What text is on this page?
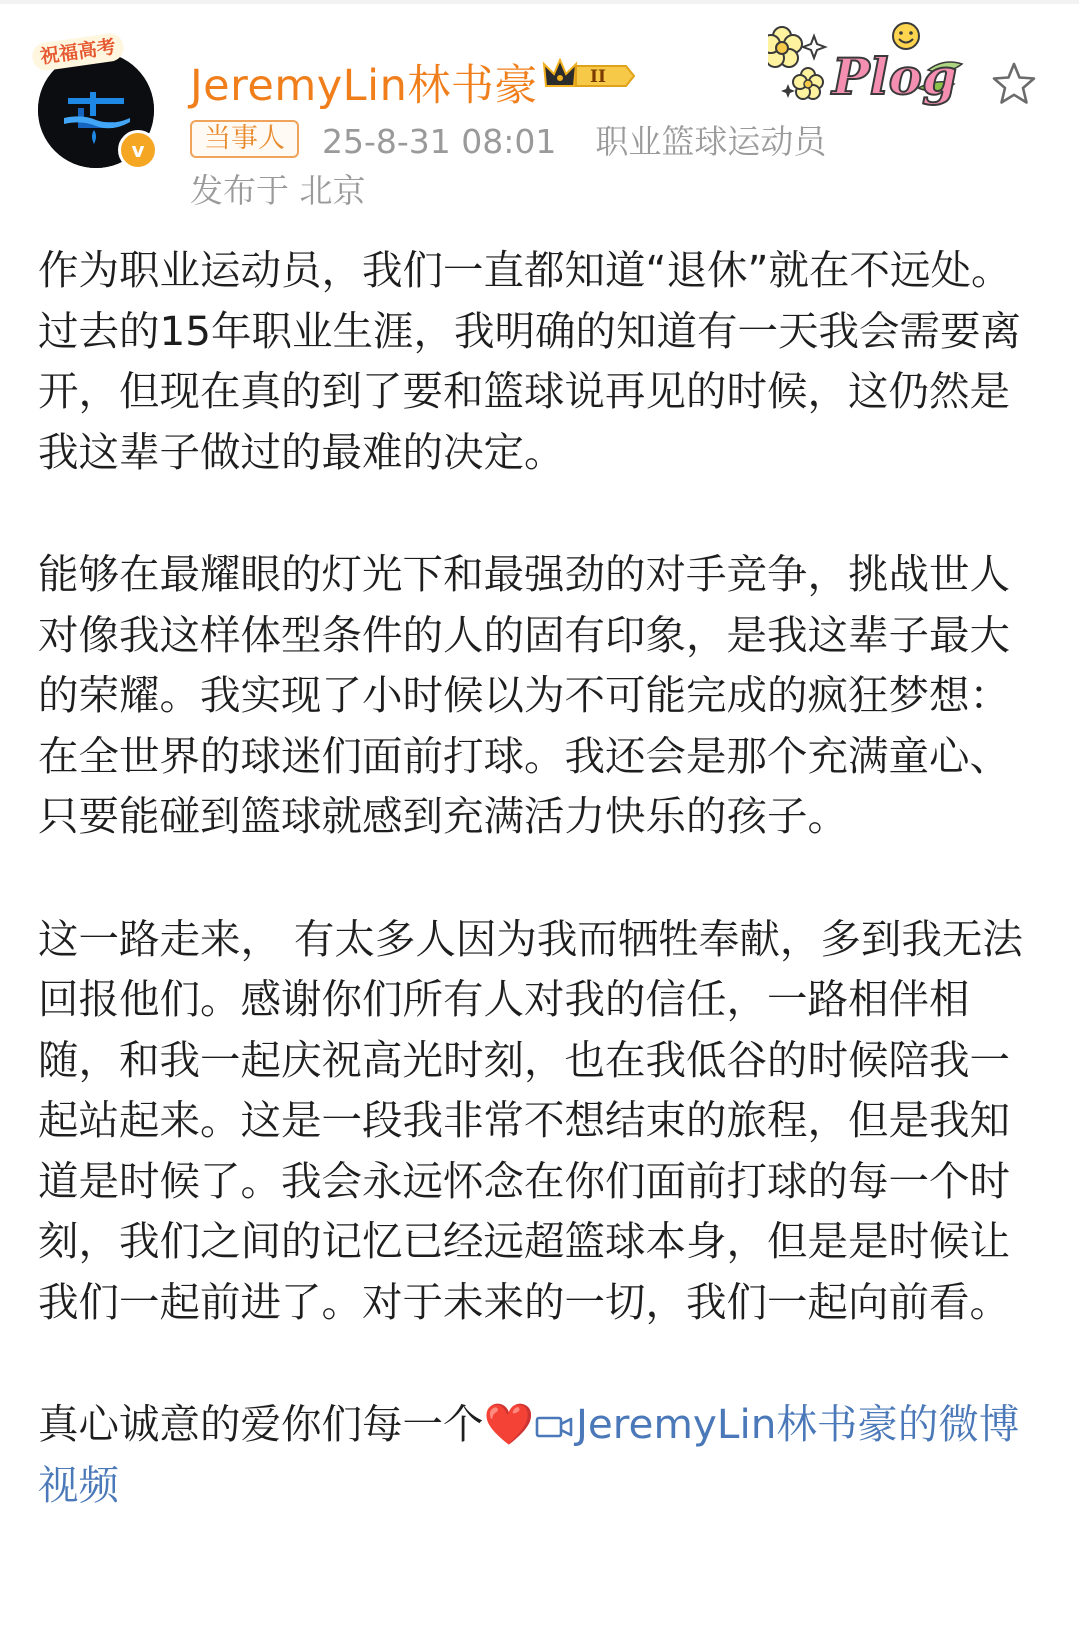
祝福高考
v
JeremyLin林书豪	II
当事人	25-8-31 08:01 职业篮球运动员
发布于 北京
Plog

作为职业运动员，我们一直都知道“退休”就在不远处。过去的15年职业生涯，我明确的知道有一天我会需要离开，但现在真的到了要和篮球说再见的时候，这仍然是我这辈子做过的最难的决定。

能够在最耀眼的灯光下和最强劲的对手竞争，挑战世人对像我这样体型条件的人的固有印象，是我这辈子最大的荣耀。我实现了小时候以为不可能完成的疯狂梦想：在全世界的球迷们面前打球。我还会是那个充满童心、只要能碰到篮球就感到充满活力快乐的孩子。

这一路走来， 有太多人因为我而牺牲奉献，多到我无法回报他们。感谢你们所有人对我的信任，一路相伴相随，和我一起庆祝高光时刻，也在我低谷的时候陪我一起站起来。这是一段我非常不想结束的旅程，但是我知道是时候了。我会永远怀念在你们面前打球的每一个时刻，我们之间的记忆已经远超篮球本身，但是是时候让我们一起前进了。对于未来的一切，我们一起向前看。

真心诚意的爱你们每一个❤️ JeremyLin林书豪的微博视频
